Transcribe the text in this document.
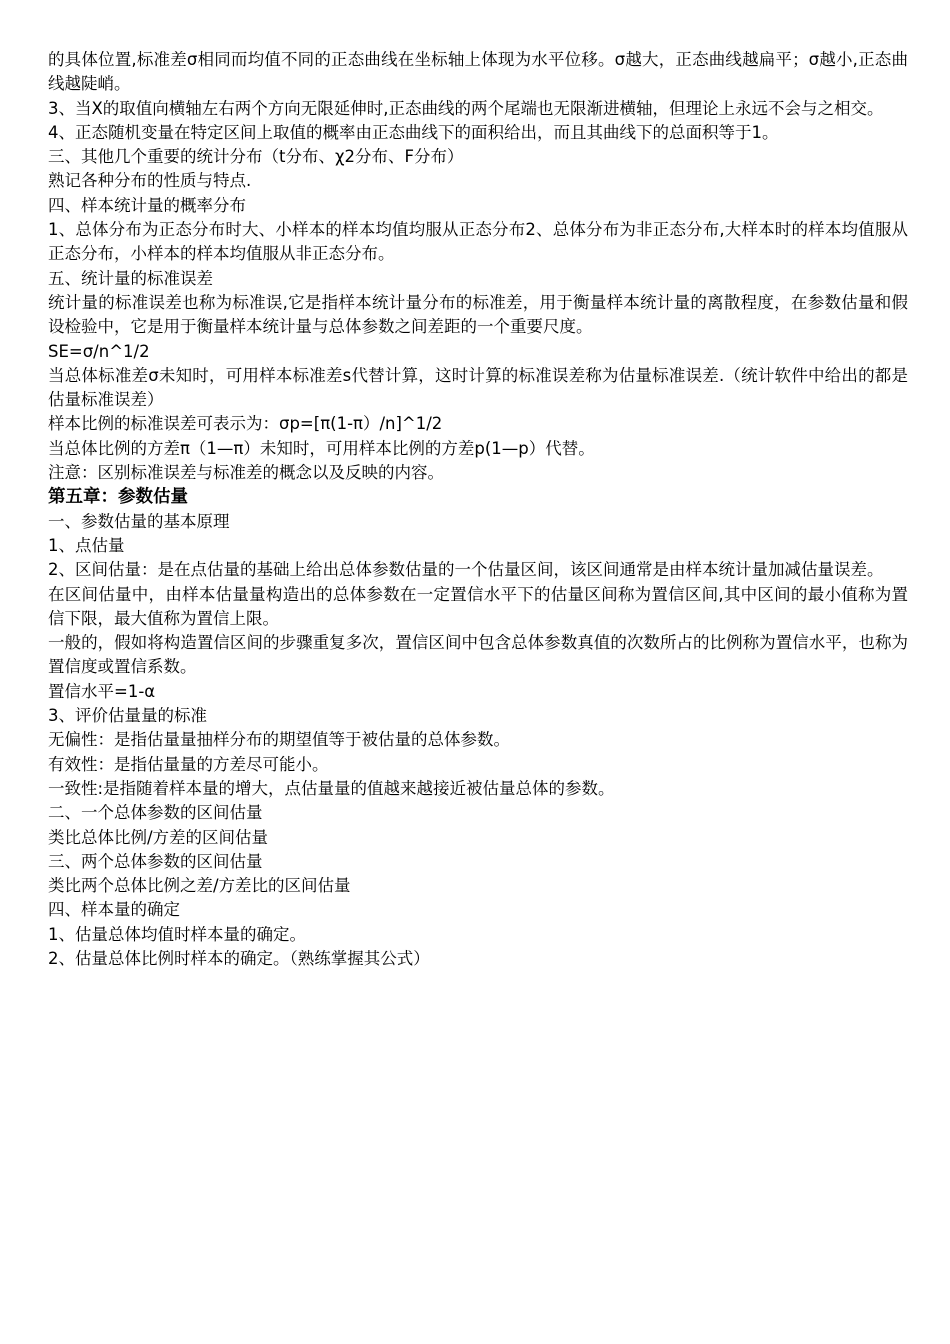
的具体位置,标准差σ相同而均值不同的正态曲线在坐标轴上体现为水平位移。σ越大，正态曲线越扁平；σ越小,正态曲线越陡峭。

3、当X的取值向横轴左右两个方向无限延伸时,正态曲线的两个尾端也无限渐进横轴，但理论上永远不会与之相交。

4、正态随机变量在特定区间上取值的概率由正态曲线下的面积给出，而且其曲线下的总面积等于1。

三、其他几个重要的统计分布（t分布、χ2分布、F分布）

熟记各种分布的性质与特点.

四、样本统计量的概率分布

1、总体分布为正态分布时大、小样本的样本均值均服从正态分布2、总体分布为非正态分布,大样本时的样本均值服从正态分布，小样本的样本均值服从非正态分布。

五、统计量的标准误差

统计量的标准误差也称为标准误,它是指样本统计量分布的标准差，用于衡量样本统计量的离散程度，在参数估量和假设检验中，它是用于衡量样本统计量与总体参数之间差距的一个重要尺度。

SE=σ/n^1/2

当总体标准差σ未知时，可用样本标准差s代替计算，这时计算的标准误差称为估量标准误差.（统计软件中给出的都是估量标准误差）

样本比例的标准误差可表示为：σp=[π(1-π）/n]^1/2

当总体比例的方差π（1—π）未知时，可用样本比例的方差p(1—p）代替。

注意：区别标准误差与标准差的概念以及反映的内容。

第五章：参数估量

一、参数估量的基本原理

1、点估量

2、区间估量：是在点估量的基础上给出总体参数估量的一个估量区间，该区间通常是由样本统计量加减估量误差。

在区间估量中，由样本估量量构造出的总体参数在一定置信水平下的估量区间称为置信区间,其中区间的最小值称为置信下限，最大值称为置信上限。

一般的，假如将构造置信区间的步骤重复多次，置信区间中包含总体参数真值的次数所占的比例称为置信水平，也称为置信度或置信系数。

置信水平=1-α

3、评价估量量的标准

无偏性：是指估量量抽样分布的期望值等于被估量的总体参数。

有效性：是指估量量的方差尽可能小。

一致性:是指随着样本量的增大，点估量量的值越来越接近被估量总体的参数。

二、一个总体参数的区间估量

类比总体比例/方差的区间估量

三、两个总体参数的区间估量

类比两个总体比例之差/方差比的区间估量

四、样本量的确定

1、估量总体均值时样本量的确定。

2、估量总体比例时样本的确定。（熟练掌握其公式）
